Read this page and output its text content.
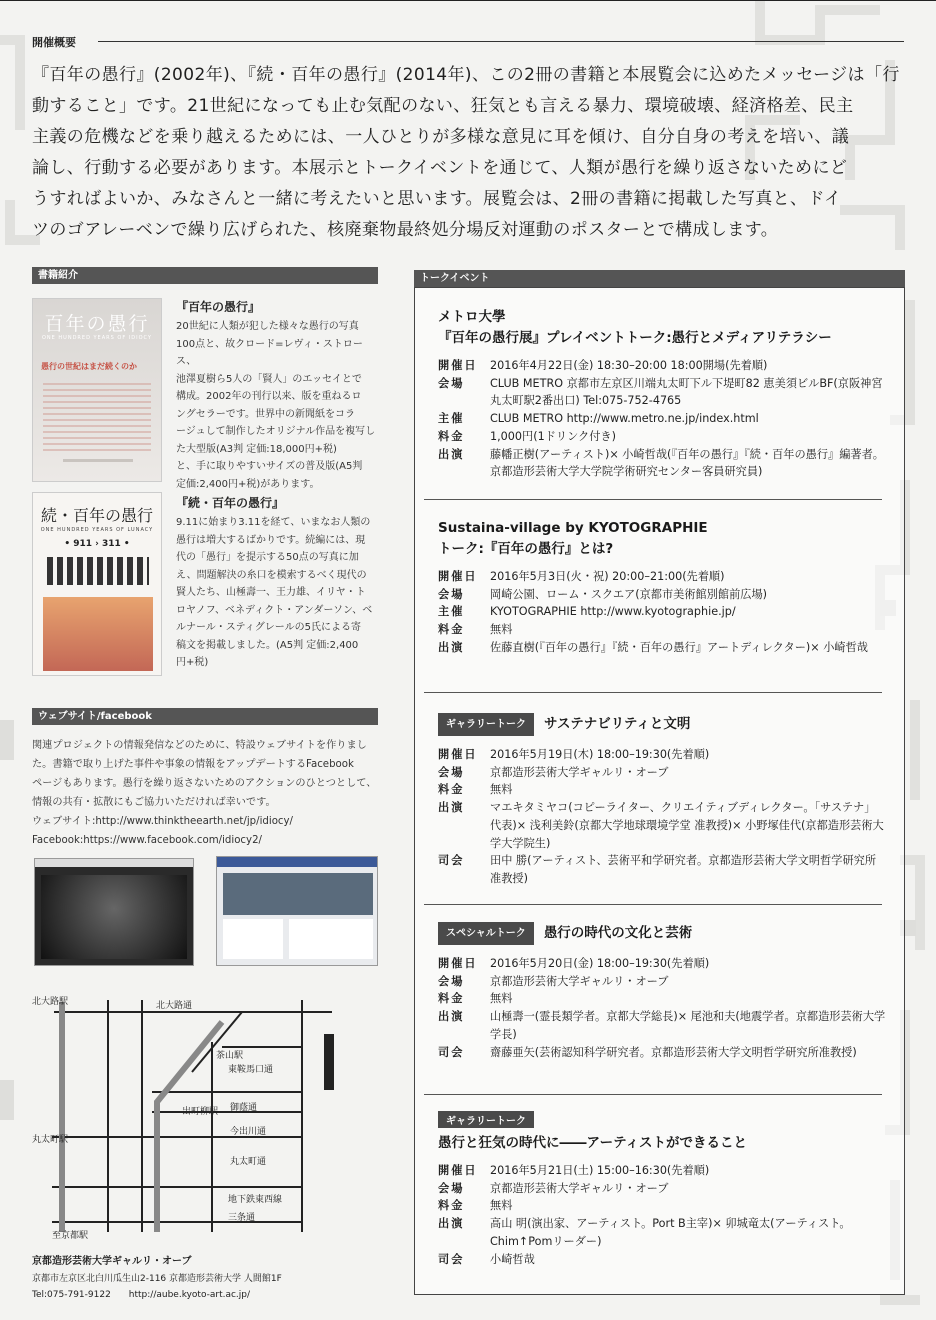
開催概要
『百年の愚行』(2002年)、『続・百年の愚行』(2014年)、この2冊の書籍と本展覧会に込めたメッセージは「行
動すること」です。21世紀になっても止む気配のない、狂気とも言える暴力、環境破壊、経済格差、民主
主義の危機などを乗り越えるためには、一人ひとりが多様な意見に耳を傾け、自分自身の考えを培い、議
論し、行動する必要があります。本展示とトークイベントを通じて、人類が愚行を繰り返さないためにど
うすればよいか、みなさんと一緒に考えたいと思います。展覧会は、2冊の書籍に掲載した写真と、ドイ
ツのゴアレーベンで繰り広げられた、核廃棄物最終処分場反対運動のポスターとで構成します。
書籍紹介
百年の愚行
ONE HUNDRED YEARS OF IDIOCY
愚行の世紀はまだ続くのか
『百年の愚行』
20世紀に人類が犯した様々な愚行の写真
100点と、故クロード=レヴィ・ストロース、
池澤夏樹ら5人の「賢人」のエッセイとで
構成。2002年の刊行以来、版を重ねるロ
ングセラーです。世界中の新聞紙をコラ
ージュして制作したオリジナル作品を複写し
た大型版(A3判 定価:18,000円+税)
と、手に取りやすいサイズの普及版(A5判
定価:2,400円+税)があります。
続・百年の愚行
ONE HUNDRED YEARS OF LUNACY
• 911 › 311 •
『続・百年の愚行』
9.11に始まり3.11を経て、いまなお人類の
愚行は増大するばかりです。続編には、現
代の「愚行」を提示する50点の写真に加
え、問題解決の糸口を模索するべく現代の
賢人たち、山極壽一、王力雄、イリヤ・ト
ロヤノフ、ベネディクト・アンダーソン、ベ
ルナール・スティグレールの5氏による寄
稿文を掲載しました。(A5判 定価:2,400
円+税)
ウェブサイト/facebook
関連プロジェクトの情報発信などのために、特設ウェブサイトを作りまし
た。書籍で取り上げた事件や事象の情報をアップデートするFacebook
ページもあります。愚行を繰り返さないためのアクションのひとつとして、
情報の共有・拡散にもご協力いただければ幸いです。
ウェブサイト:http://www.thinktheearth.net/jp/idiocy/
Facebook:https://www.facebook.com/idiocy2/
北大路駅	北大路通
茶山駅
東鞍馬口通
出町柳駅 御蔭通
今出川通
丸太町通
丸太町駅
地下鉄東西線
三条通
至京都駅
京都造形芸術大学ギャルリ・オーブ
京都市左京区北白川瓜生山2-116 京都造形芸術大学 人間館1F
Tel:075-791-9122　　http://aube.kyoto-art.ac.jp/
トークイベント
メトロ大學
『百年の愚行展』プレイベントトーク:愚行とメディアリテラシー
開催日	2016年4月22日(金) 18:30–20:00 18:00開場(先着順)
会場	CLUB METRO 京都市左京区川端丸太町下ル下堤町82 恵美須ビルBF(京阪神宮丸太町駅2番出口) Tel:075-752-4765
主催	CLUB METRO http://www.metro.ne.jp/index.html
料金	1,000円(1ドリンク付き)
出演	藤幡正樹(アーティスト)× 小崎哲哉(『百年の愚行』『続・百年の愚行』編著者。京都造形芸術大学大学院学術研究センター客員研究員)
Sustaina-village by KYOTOGRAPHIE
トーク:『百年の愚行』とは?
開催日	2016年5月3日(火・祝) 20:00–21:00(先着順)
会場	岡崎公園、ローム・スクエア(京都市美術館別館前広場)
主催	KYOTOGRAPHIE http://www.kyotographie.jp/
料金	無料
出演	佐藤直樹(『百年の愚行』『続・百年の愚行』アートディレクター)× 小崎哲哉
ギャラリートーク サステナビリティと文明
開催日	2016年5月19日(木) 18:00–19:30(先着順)
会場	京都造形芸術大学ギャルリ・オーブ
料金	無料
出演	マエキタミヤコ(コピーライター、クリエイティブディレクター。「サステナ」代表)× 浅利美鈴(京都大学地球環境学堂 准教授)× 小野塚佳代(京都造形芸術大学大学院生)
司会	田中 勝(アーティスト、芸術平和学研究者。京都造形芸術大学文明哲学研究所准教授)
スペシャルトーク 愚行の時代の文化と芸術
開催日	2016年5月20日(金) 18:00–19:30(先着順)
会場	京都造形芸術大学ギャルリ・オーブ
料金	無料
出演	山極壽一(霊長類学者。京都大学総長)× 尾池和夫(地震学者。京都造形芸術大学学長)
司会	齋藤亜矢(芸術認知科学研究者。京都造形芸術大学文明哲学研究所准教授)
ギャラリートーク
愚行と狂気の時代に――アーティストができること
開催日	2016年5月21日(土) 15:00–16:30(先着順)
会場	京都造形芸術大学ギャルリ・オーブ
料金	無料
出演	高山 明(演出家、アーティスト。Port B主宰)× 卯城竜太(アーティスト。Chim↑Pomリーダー)
司会	小崎哲哉
